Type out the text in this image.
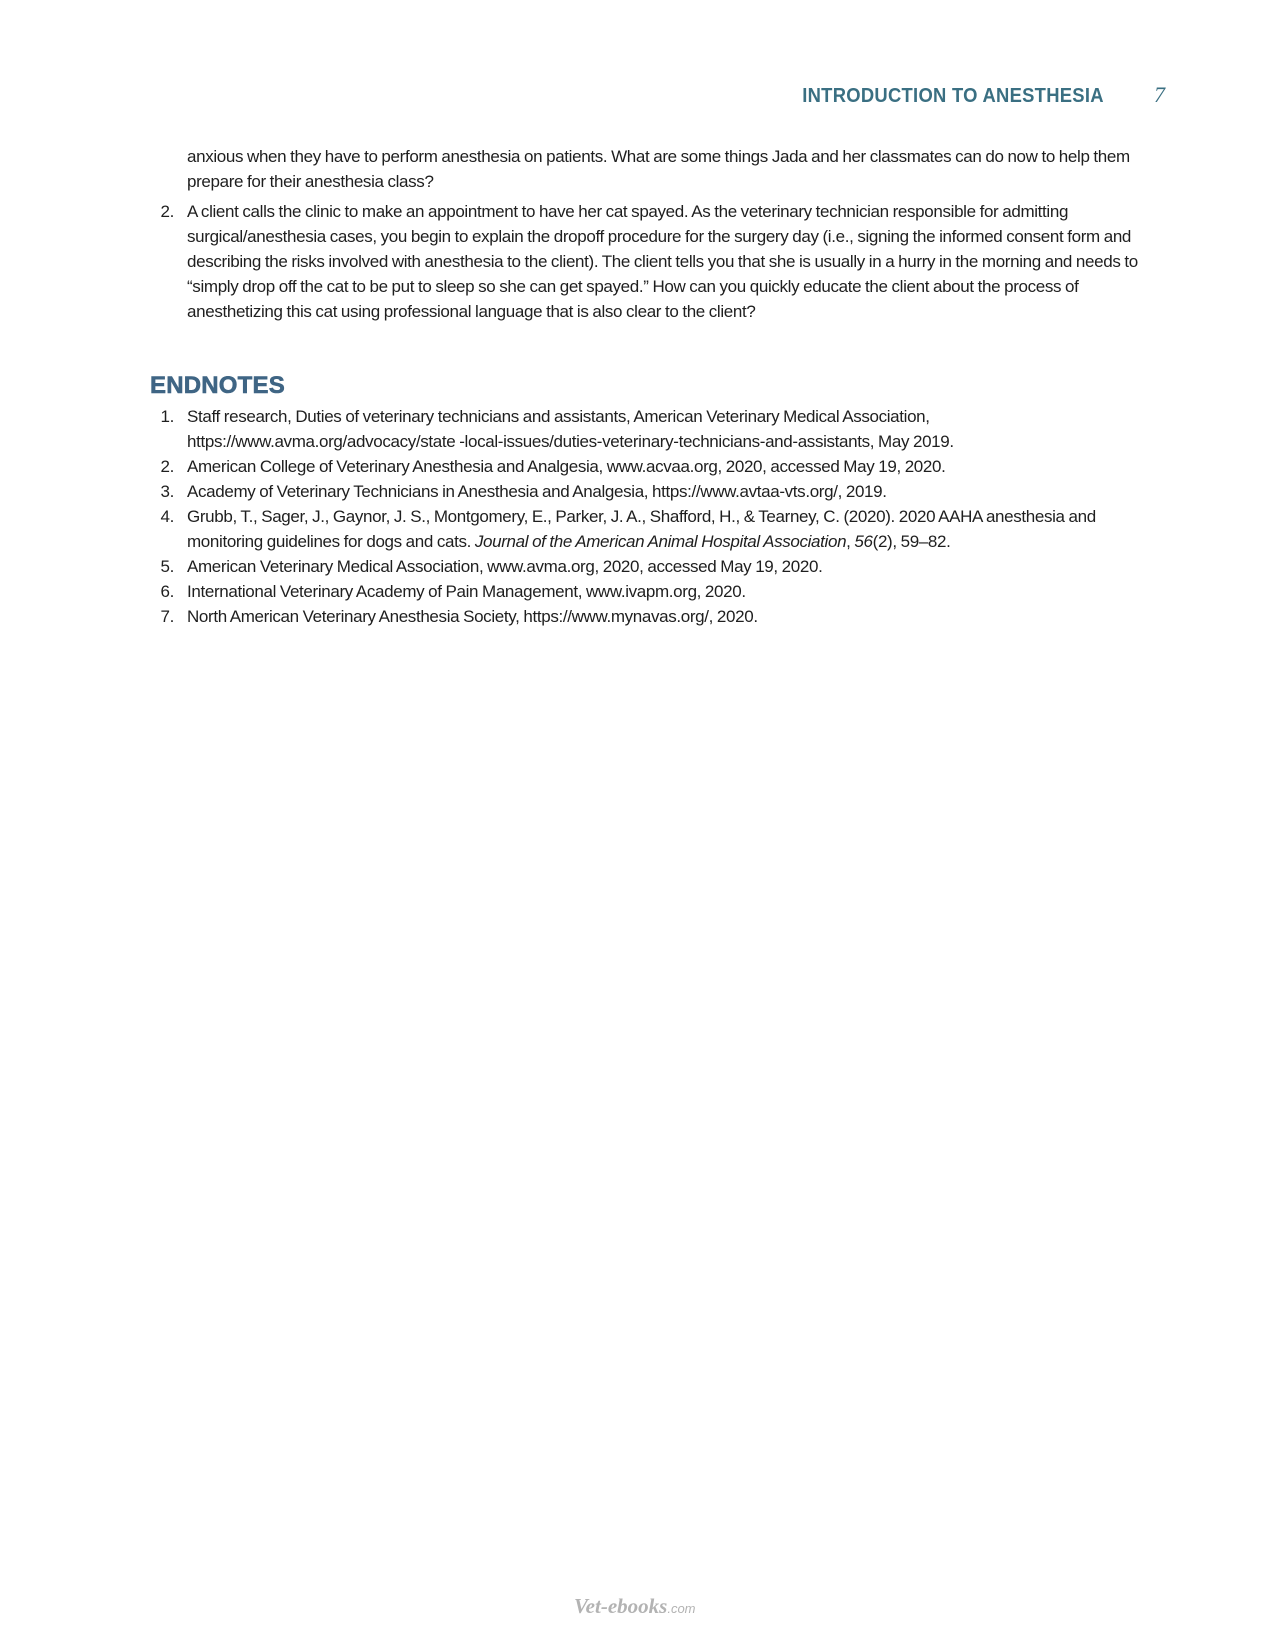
INTRODUCTION TO ANESTHESIA 7

anxious when they have to perform anesthesia on patients. What are some things Jada and her classmates can do now to help them prepare for their anesthesia class?

2. A client calls the clinic to make an appointment to have her cat spayed. As the veterinary technician responsible for admitting surgical/anesthesia cases, you begin to explain the dropoff procedure for the surgery day (i.e., signing the informed consent form and describing the risks involved with anesthesia to the client). The client tells you that she is usually in a hurry in the morning and needs to “simply drop off the cat to be put to sleep so she can get spayed.” How can you quickly educate the client about the process of anesthetizing this cat using professional language that is also clear to the client?
ENDNOTES
1. Staff research, Duties of veterinary technicians and assistants, American Veterinary Medical Association, https://www.avma.org/advocacy/state -local-issues/duties-veterinary-technicians-and-assistants, May 2019.
2. American College of Veterinary Anesthesia and Analgesia, www.acvaa.org, 2020, accessed May 19, 2020.
3. Academy of Veterinary Technicians in Anesthesia and Analgesia, https://www.avtaa-vts.org/, 2019.
4. Grubb, T., Sager, J., Gaynor, J. S., Montgomery, E., Parker, J. A., Shafford, H., & Tearney, C. (2020). 2020 AAHA anesthesia and monitoring guidelines for dogs and cats. Journal of the American Animal Hospital Association, 56(2), 59–82.
5. American Veterinary Medical Association, www.avma.org, 2020, accessed May 19, 2020.
6. International Veterinary Academy of Pain Management, www.ivapm.org, 2020.
7. North American Veterinary Anesthesia Society, https://www.mynavas.org/, 2020.
Vet-ebooks .com
